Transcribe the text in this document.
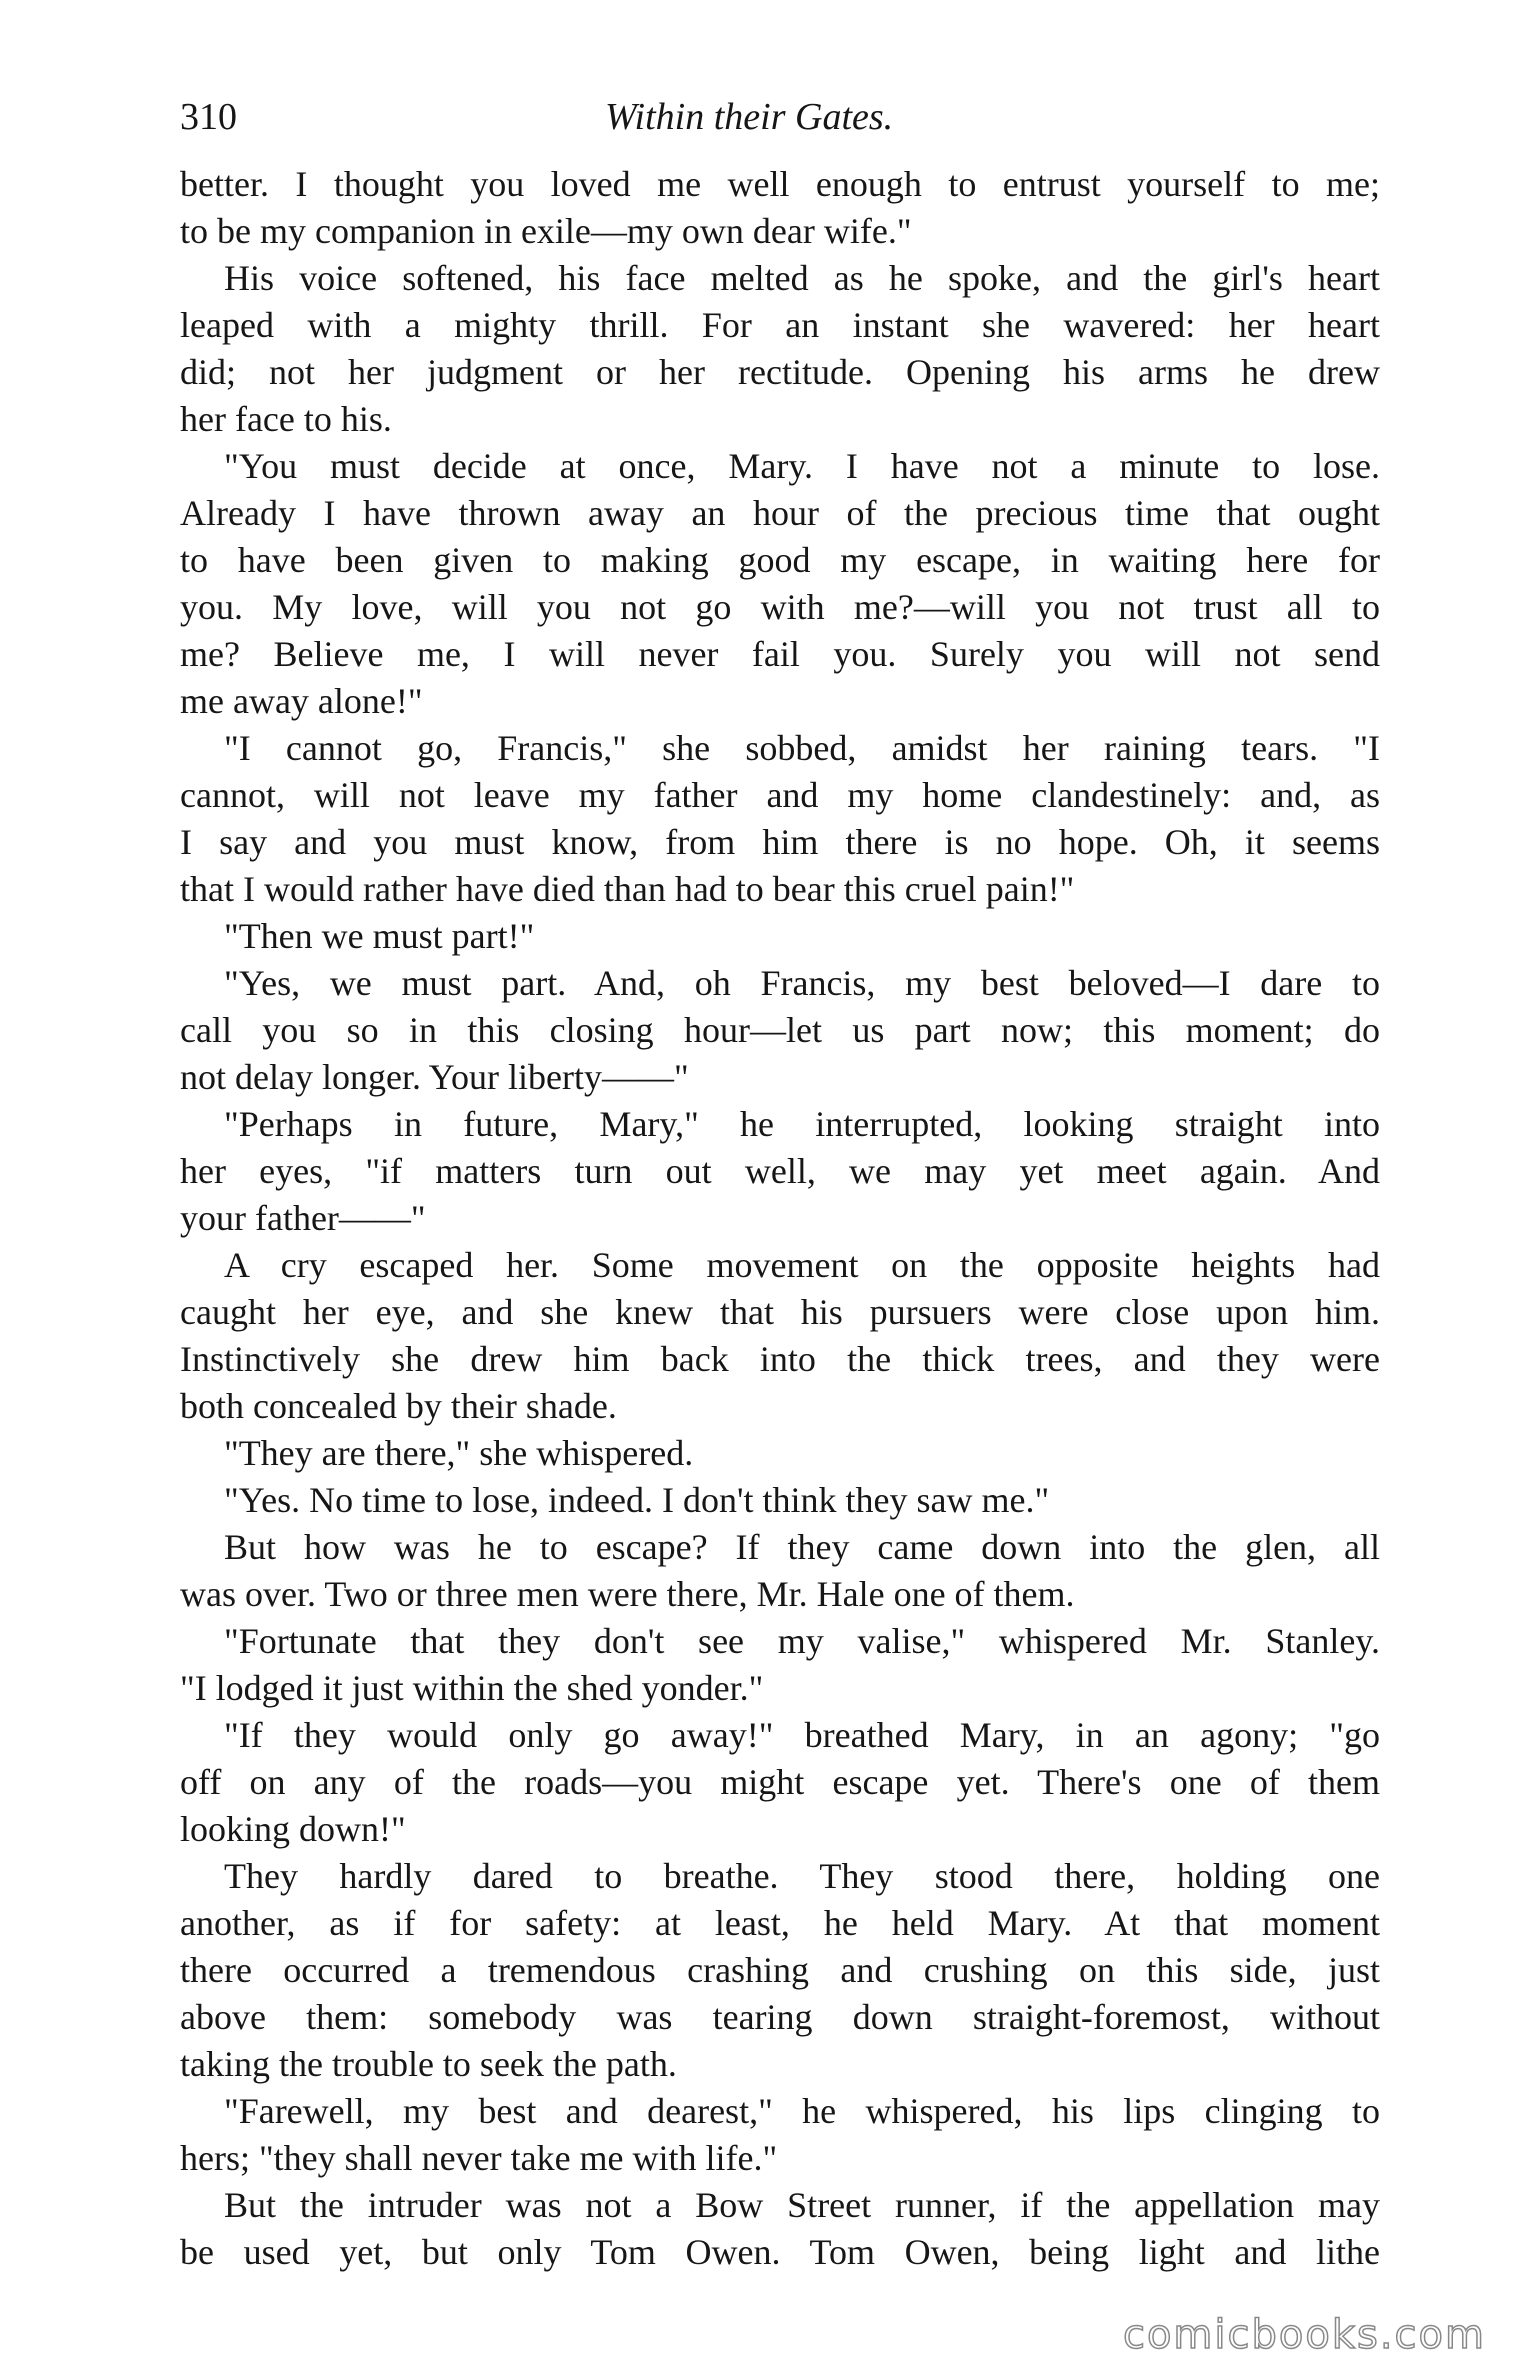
310	Within their Gates.
better. I thought you loved me well enough to entrust yourself to me;
to be my companion in exile—my own dear wife."
His voice softened, his face melted as he spoke, and the girl's heart
leaped with a mighty thrill. For an instant she wavered: her heart
did; not her judgment or her rectitude. Opening his arms he drew
her face to his.
"You must decide at once, Mary. I have not a minute to lose.
Already I have thrown away an hour of the precious time that ought
to have been given to making good my escape, in waiting here for
you. My love, will you not go with me?—will you not trust all to
me? Believe me, I will never fail you. Surely you will not send
me away alone!"
"I cannot go, Francis," she sobbed, amidst her raining tears. "I
cannot, will not leave my father and my home clandestinely: and, as
I say and you must know, from him there is no hope. Oh, it seems
that I would rather have died than had to bear this cruel pain!"
"Then we must part!"
"Yes, we must part. And, oh Francis, my best beloved—I dare to
call you so in this closing hour—let us part now; this moment; do
not delay longer. Your liberty——"
"Perhaps in future, Mary," he interrupted, looking straight into
her eyes, "if matters turn out well, we may yet meet again. And
your father——"
A cry escaped her. Some movement on the opposite heights had
caught her eye, and she knew that his pursuers were close upon him.
Instinctively she drew him back into the thick trees, and they were
both concealed by their shade.
"They are there," she whispered.
"Yes. No time to lose, indeed. I don't think they saw me."
But how was he to escape? If they came down into the glen, all
was over. Two or three men were there, Mr. Hale one of them.
"Fortunate that they don't see my valise," whispered Mr. Stanley.
"I lodged it just within the shed yonder."
"If they would only go away!" breathed Mary, in an agony; "go
off on any of the roads—you might escape yet. There's one of them
looking down!"
They hardly dared to breathe. They stood there, holding one
another, as if for safety: at least, he held Mary. At that moment
there occurred a tremendous crashing and crushing on this side, just
above them: somebody was tearing down straight-foremost, without
taking the trouble to seek the path.
"Farewell, my best and dearest," he whispered, his lips clinging to
hers; "they shall never take me with life."
But the intruder was not a Bow Street runner, if the appellation may
be used yet, but only Tom Owen. Tom Owen, being light and lithe
comicbooks.com
